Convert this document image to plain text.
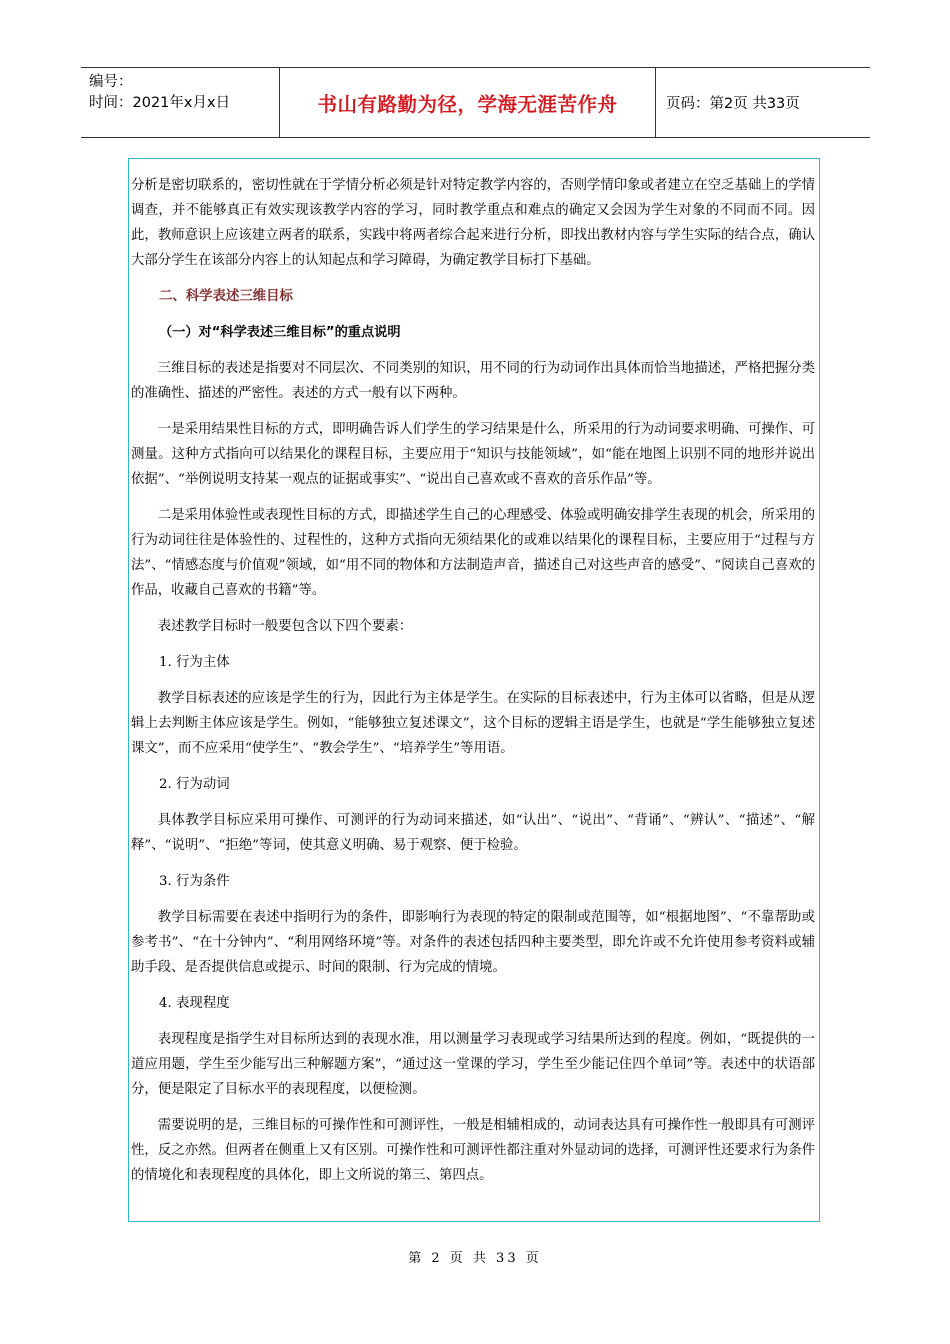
编号：
时间：2021年x月x日	书山有路勤为径，学海无涯苦作舟	页码：第2页 共33页

分析是密切联系的，密切性就在于学情分析必须是针对特定教学内容的，否则学情印象或者建立在空乏基础上的学情调查，并不能够真正有效实现该教学内容的学习，同时教学重点和难点的确定又会因为学生对象的不同而不同。因此，教师意识上应该建立两者的联系，实践中将两者综合起来进行分析，即找出教材内容与学生实际的结合点，确认大部分学生在该部分内容上的认知起点和学习障碍，为确定教学目标打下基础。

二、科学表述三维目标
（一）对“科学表述三维目标”的重点说明

三维目标的表述是指要对不同层次、不同类别的知识，用不同的行为动词作出具体而恰当地描述，严格把握分类的准确性、描述的严密性。表述的方式一般有以下两种。

一是采用结果性目标的方式，即明确告诉人们学生的学习结果是什么，所采用的行为动词要求明确、可操作、可测量。这种方式指向可以结果化的课程目标，主要应用于“知识与技能领域”，如“能在地图上识别不同的地形并说出依据”、“举例说明支持某一观点的证据或事实”、“说出自己喜欢或不喜欢的音乐作品”等。

二是采用体验性或表现性目标的方式，即描述学生自己的心理感受、体验或明确安排学生表现的机会，所采用的行为动词往往是体验性的、过程性的，这种方式指向无须结果化的或难以结果化的课程目标，主要应用于“过程与方法”、“情感态度与价值观”领域，如“用不同的物体和方法制造声音，描述自己对这些声音的感受”、“阅读自己喜欢的作品，收藏自己喜欢的书籍”等。

表述教学目标时一般要包含以下四个要素：

1. 行为主体

教学目标表述的应该是学生的行为，因此行为主体是学生。在实际的目标表述中，行为主体可以省略，但是从逻辑上去判断主体应该是学生。例如，“能够独立复述课文”，这个目标的逻辑主语是学生，也就是“学生能够独立复述课文”，而不应采用“使学生”、“教会学生”、“培养学生”等用语。

2. 行为动词

具体教学目标应采用可操作、可测评的行为动词来描述，如“认出”、“说出”、“背诵”、“辨认”、“描述”、“解释”、“说明”、“拒绝”等词，使其意义明确、易于观察、便于检验。

3. 行为条件

教学目标需要在表述中指明行为的条件，即影响行为表现的特定的限制或范围等，如“根据地图”、“不靠帮助或参考书”、“在十分钟内”、“利用网络环境”等。对条件的表述包括四种主要类型，即允许或不允许使用参考资料或辅助手段、是否提供信息或提示、时间的限制、行为完成的情境。

4. 表现程度

表现程度是指学生对目标所达到的表现水准，用以测量学习表现或学习结果所达到的程度。例如，“既提供的一道应用题，学生至少能写出三种解题方案”，“通过这一堂课的学习，学生至少能记住四个单词”等。表述中的状语部分，便是限定了目标水平的表现程度，以便检测。

需要说明的是，三维目标的可操作性和可测评性，一般是相辅相成的，动词表达具有可操作性一般即具有可测评性，反之亦然。但两者在侧重上又有区别。可操作性和可测评性都注重对外显动词的选择，可测评性还要求行为条件的情境化和表现程度的具体化，即上文所说的第三、第四点。

第 2 页 共 33 页
